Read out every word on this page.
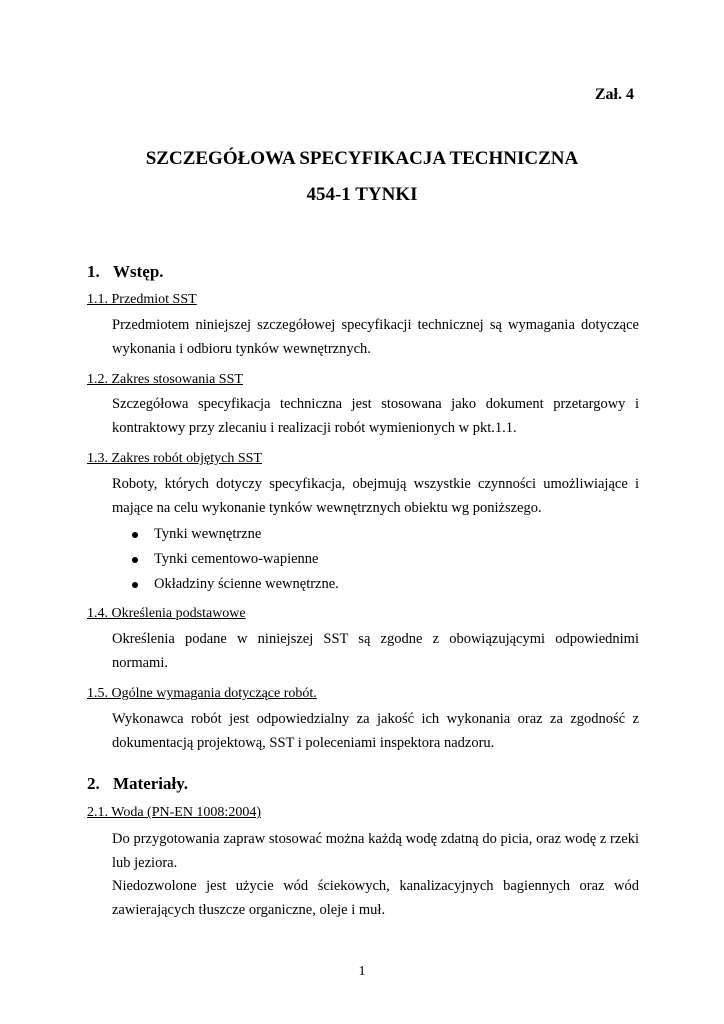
Zał. 4
SZCZEGÓŁOWA SPECYFIKACJA TECHNICZNA
454-1 TYNKI
1. Wstęp.
1.1. Przedmiot SST
Przedmiotem niniejszej szczegółowej specyfikacji technicznej są wymagania dotyczące wykonania i odbioru tynków wewnętrznych.
1.2. Zakres stosowania SST
Szczegółowa specyfikacja techniczna jest stosowana jako dokument przetargowy i kontraktowy przy zlecaniu i realizacji robót wymienionych w pkt.1.1.
1.3. Zakres robót objętych SST
Roboty, których dotyczy specyfikacja, obejmują wszystkie czynności umożliwiające i mające na celu wykonanie tynków wewnętrznych obiektu wg poniższego.
Tynki wewnętrzne
Tynki cementowo-wapienne
Okładziny ścienne wewnętrzne.
1.4. Określenia podstawowe
Określenia podane w niniejszej SST są zgodne z obowiązującymi odpowiednimi normami.
1.5. Ogólne wymagania dotyczące robót.
Wykonawca robót jest odpowiedzialny za jakość ich wykonania oraz za zgodność z dokumentacją projektową, SST i poleceniami inspektora nadzoru.
2. Materiały.
2.1. Woda (PN-EN 1008:2004)
Do przygotowania zapraw stosować można każdą wodę zdatną do picia, oraz wodę z rzeki lub jeziora.
Niedozwolone jest użycie wód ściekowych, kanalizacyjnych bagiennych oraz wód zawierających tłuszcze organiczne, oleje i muł.
1
